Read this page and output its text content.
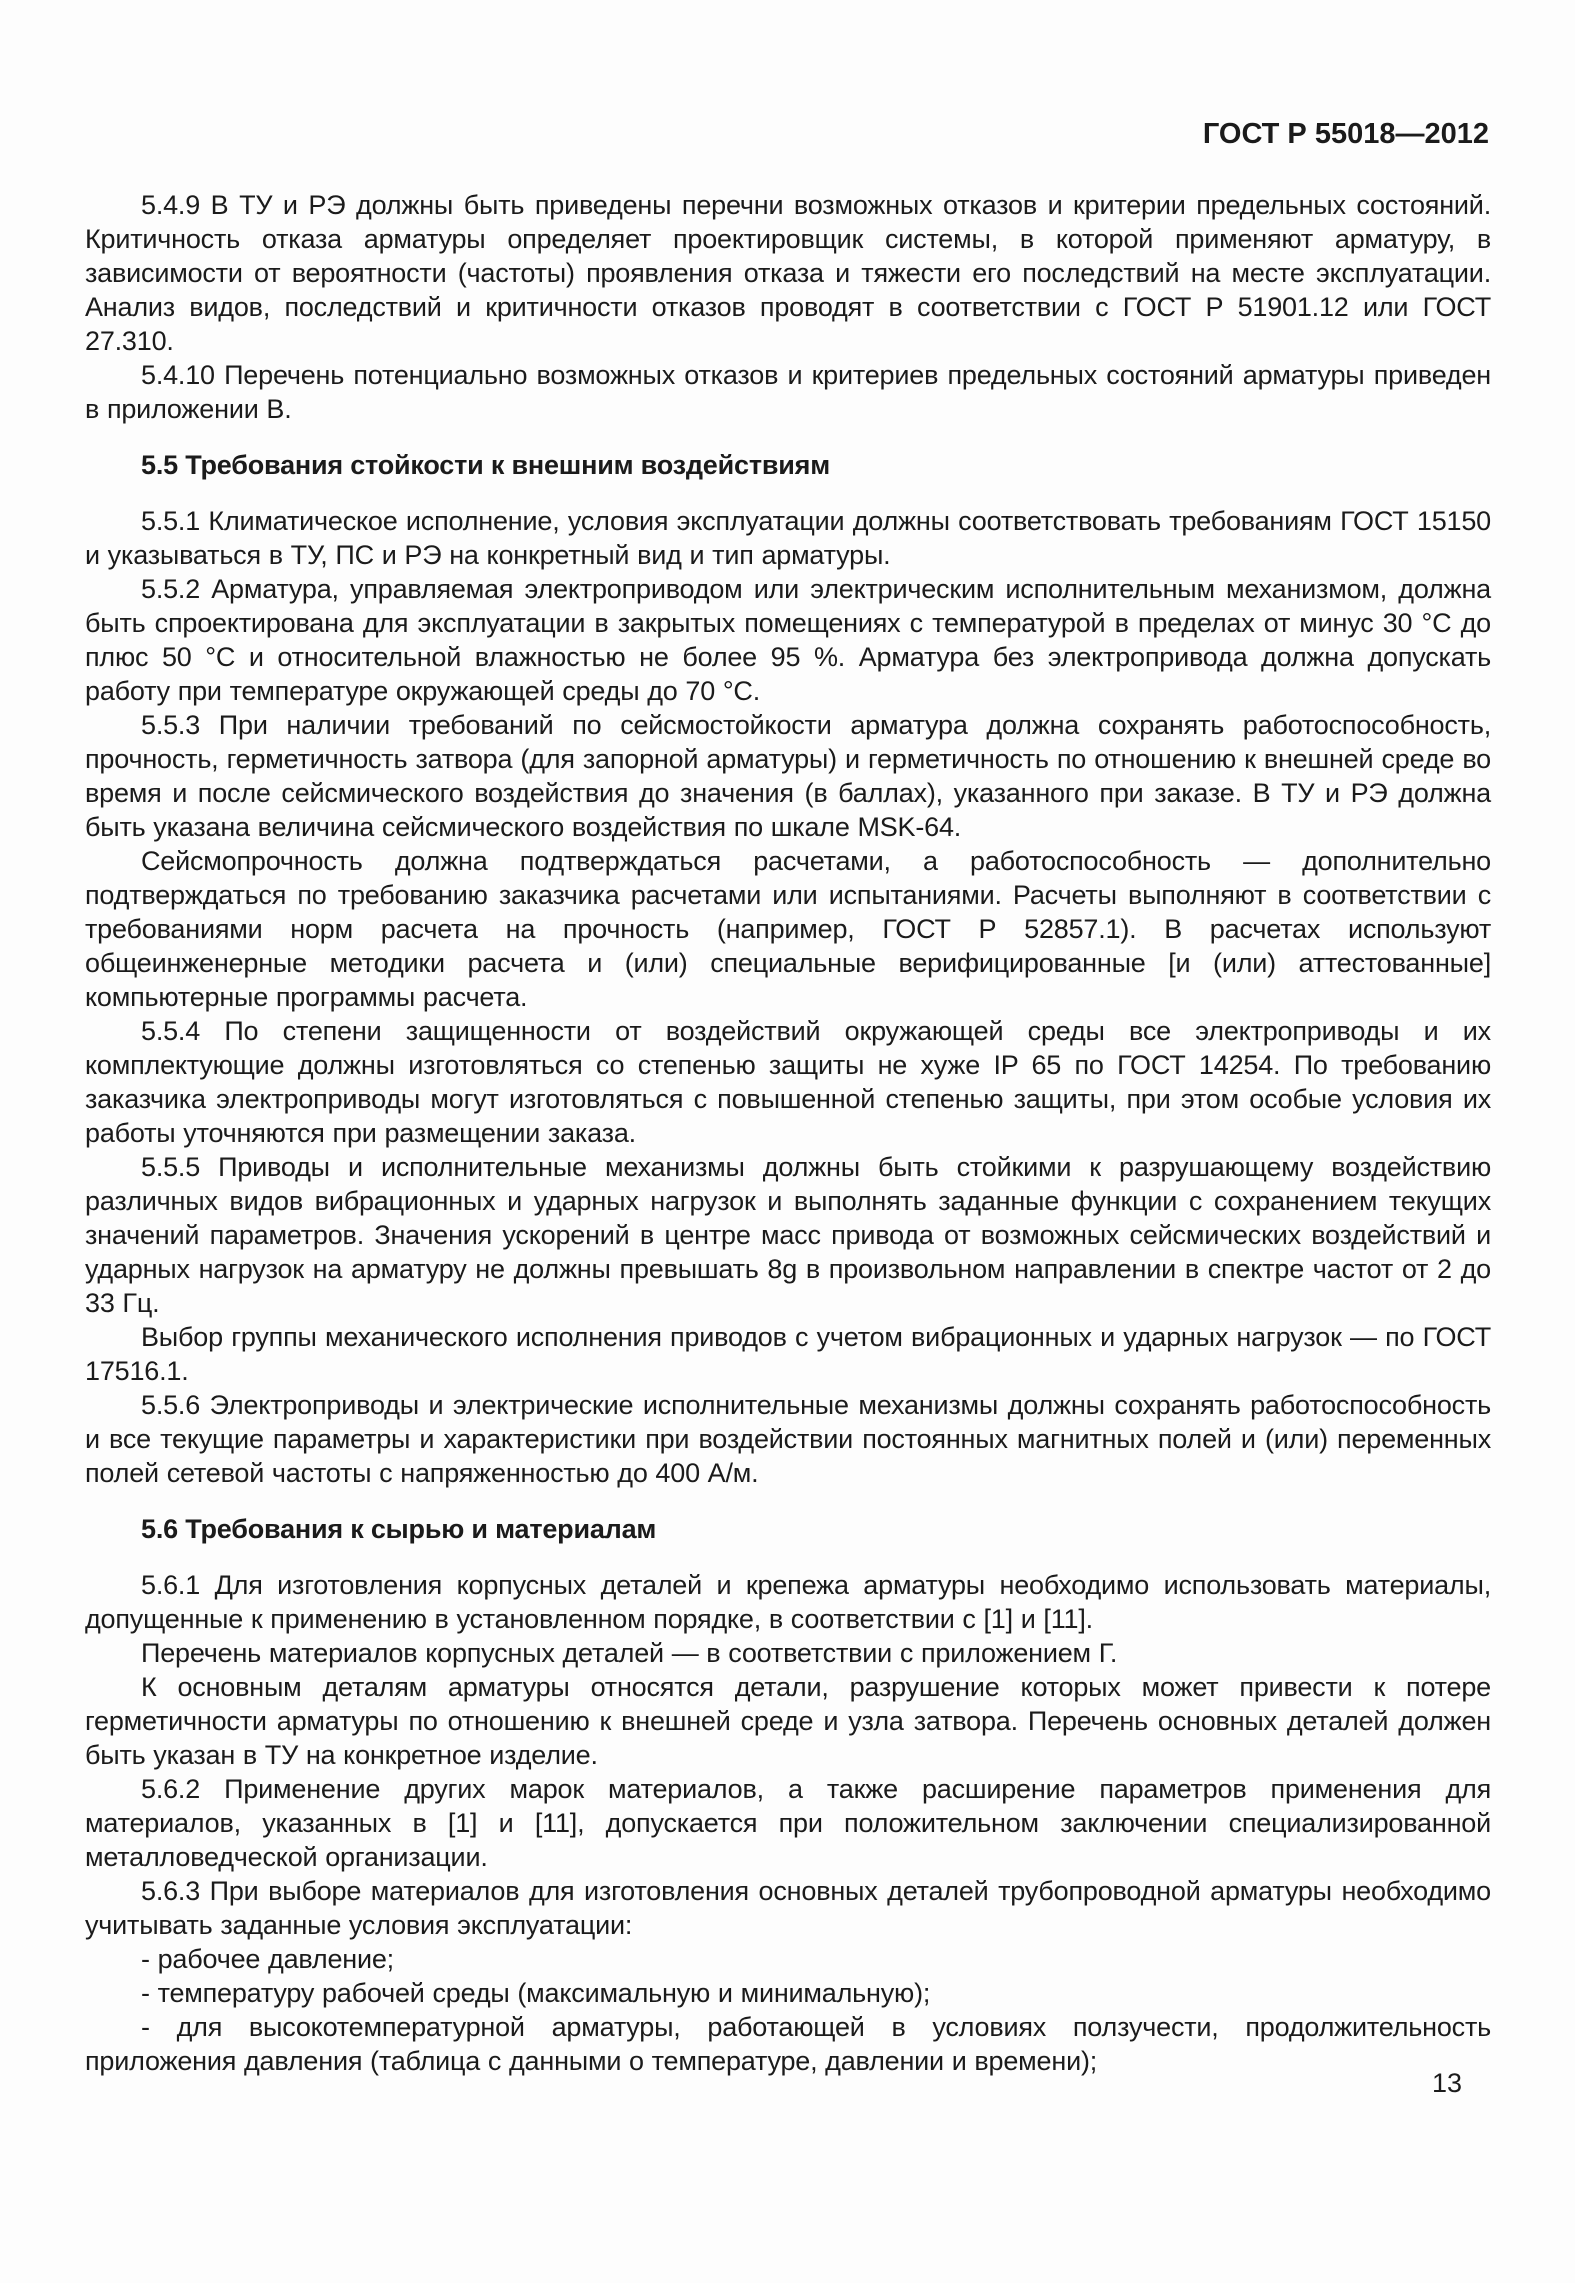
ГОСТ Р 55018—2012

5.4.9 В ТУ и РЭ должны быть приведены перечни возможных отказов и критерии предельных состояний. Критичность отказа арматуры определяет проектировщик системы, в которой применяют арматуру, в зависимости от вероятности (частоты) проявления отказа и тяжести его последствий на месте эксплуатации. Анализ видов, последствий и критичности отказов проводят в соответствии с ГОСТ Р 51901.12 или ГОСТ 27.310.

5.4.10 Перечень потенциально возможных отказов и критериев предельных состояний арматуры приведен в приложении В.

5.5 Требования стойкости к внешним воздействиям

5.5.1 Климатическое исполнение, условия эксплуатации должны соответствовать требованиям ГОСТ 15150 и указываться в ТУ, ПС и РЭ на конкретный вид и тип арматуры.

5.5.2 Арматура, управляемая электроприводом или электрическим исполнительным механизмом, должна быть спроектирована для эксплуатации в закрытых помещениях с температурой в пределах от минус 30 °С до плюс 50 °С и относительной влажностью не более 95 %. Арматура без электропривода должна допускать работу при температуре окружающей среды до 70 °С.

5.5.3 При наличии требований по сейсмостойкости арматура должна сохранять работоспособность, прочность, герметичность затвора (для запорной арматуры) и герметичность по отношению к внешней среде во время и после сейсмического воздействия до значения (в баллах), указанного при заказе. В ТУ и РЭ должна быть указана величина сейсмического воздействия по шкале MSK-64.

Сейсмопрочность должна подтверждаться расчетами, а работоспособность — дополнительно подтверждаться по требованию заказчика расчетами или испытаниями. Расчеты выполняют в соответствии с требованиями норм расчета на прочность (например, ГОСТ Р 52857.1). В расчетах используют общеинженерные методики расчета и (или) специальные верифицированные [и (или) аттестованные] компьютерные программы расчета.

5.5.4 По степени защищенности от воздействий окружающей среды все электроприводы и их комплектующие должны изготовляться со степенью защиты не хуже IP 65 по ГОСТ 14254. По требованию заказчика электроприводы могут изготовляться с повышенной степенью защиты, при этом особые условия их работы уточняются при размещении заказа.

5.5.5 Приводы и исполнительные механизмы должны быть стойкими к разрушающему воздействию различных видов вибрационных и ударных нагрузок и выполнять заданные функции с сохранением текущих значений параметров. Значения ускорений в центре масс привода от возможных сейсмических воздействий и ударных нагрузок на арматуру не должны превышать 8g в произвольном направлении в спектре частот от 2 до 33 Гц.

Выбор группы механического исполнения приводов с учетом вибрационных и ударных нагрузок — по ГОСТ 17516.1.

5.5.6 Электроприводы и электрические исполнительные механизмы должны сохранять работоспособность и все текущие параметры и характеристики при воздействии постоянных магнитных полей и (или) переменных полей сетевой частоты с напряженностью до 400 А/м.

5.6 Требования к сырью и материалам

5.6.1 Для изготовления корпусных деталей и крепежа арматуры необходимо использовать материалы, допущенные к применению в установленном порядке, в соответствии с [1] и [11].

Перечень материалов корпусных деталей — в соответствии с приложением Г.

К основным деталям арматуры относятся детали, разрушение которых может привести к потере герметичности арматуры по отношению к внешней среде и узла затвора. Перечень основных деталей должен быть указан в ТУ на конкретное изделие.

5.6.2 Применение других марок материалов, а также расширение параметров применения для материалов, указанных в [1] и [11], допускается при положительном заключении специализированной металловедческой организации.

5.6.3 При выборе материалов для изготовления основных деталей трубопроводной арматуры необходимо учитывать заданные условия эксплуатации:

- рабочее давление;

- температуру рабочей среды (максимальную и минимальную);

- для высокотемпературной арматуры, работающей в условиях ползучести, продолжительность приложения давления (таблица с данными о температуре, давлении и времени);

13
